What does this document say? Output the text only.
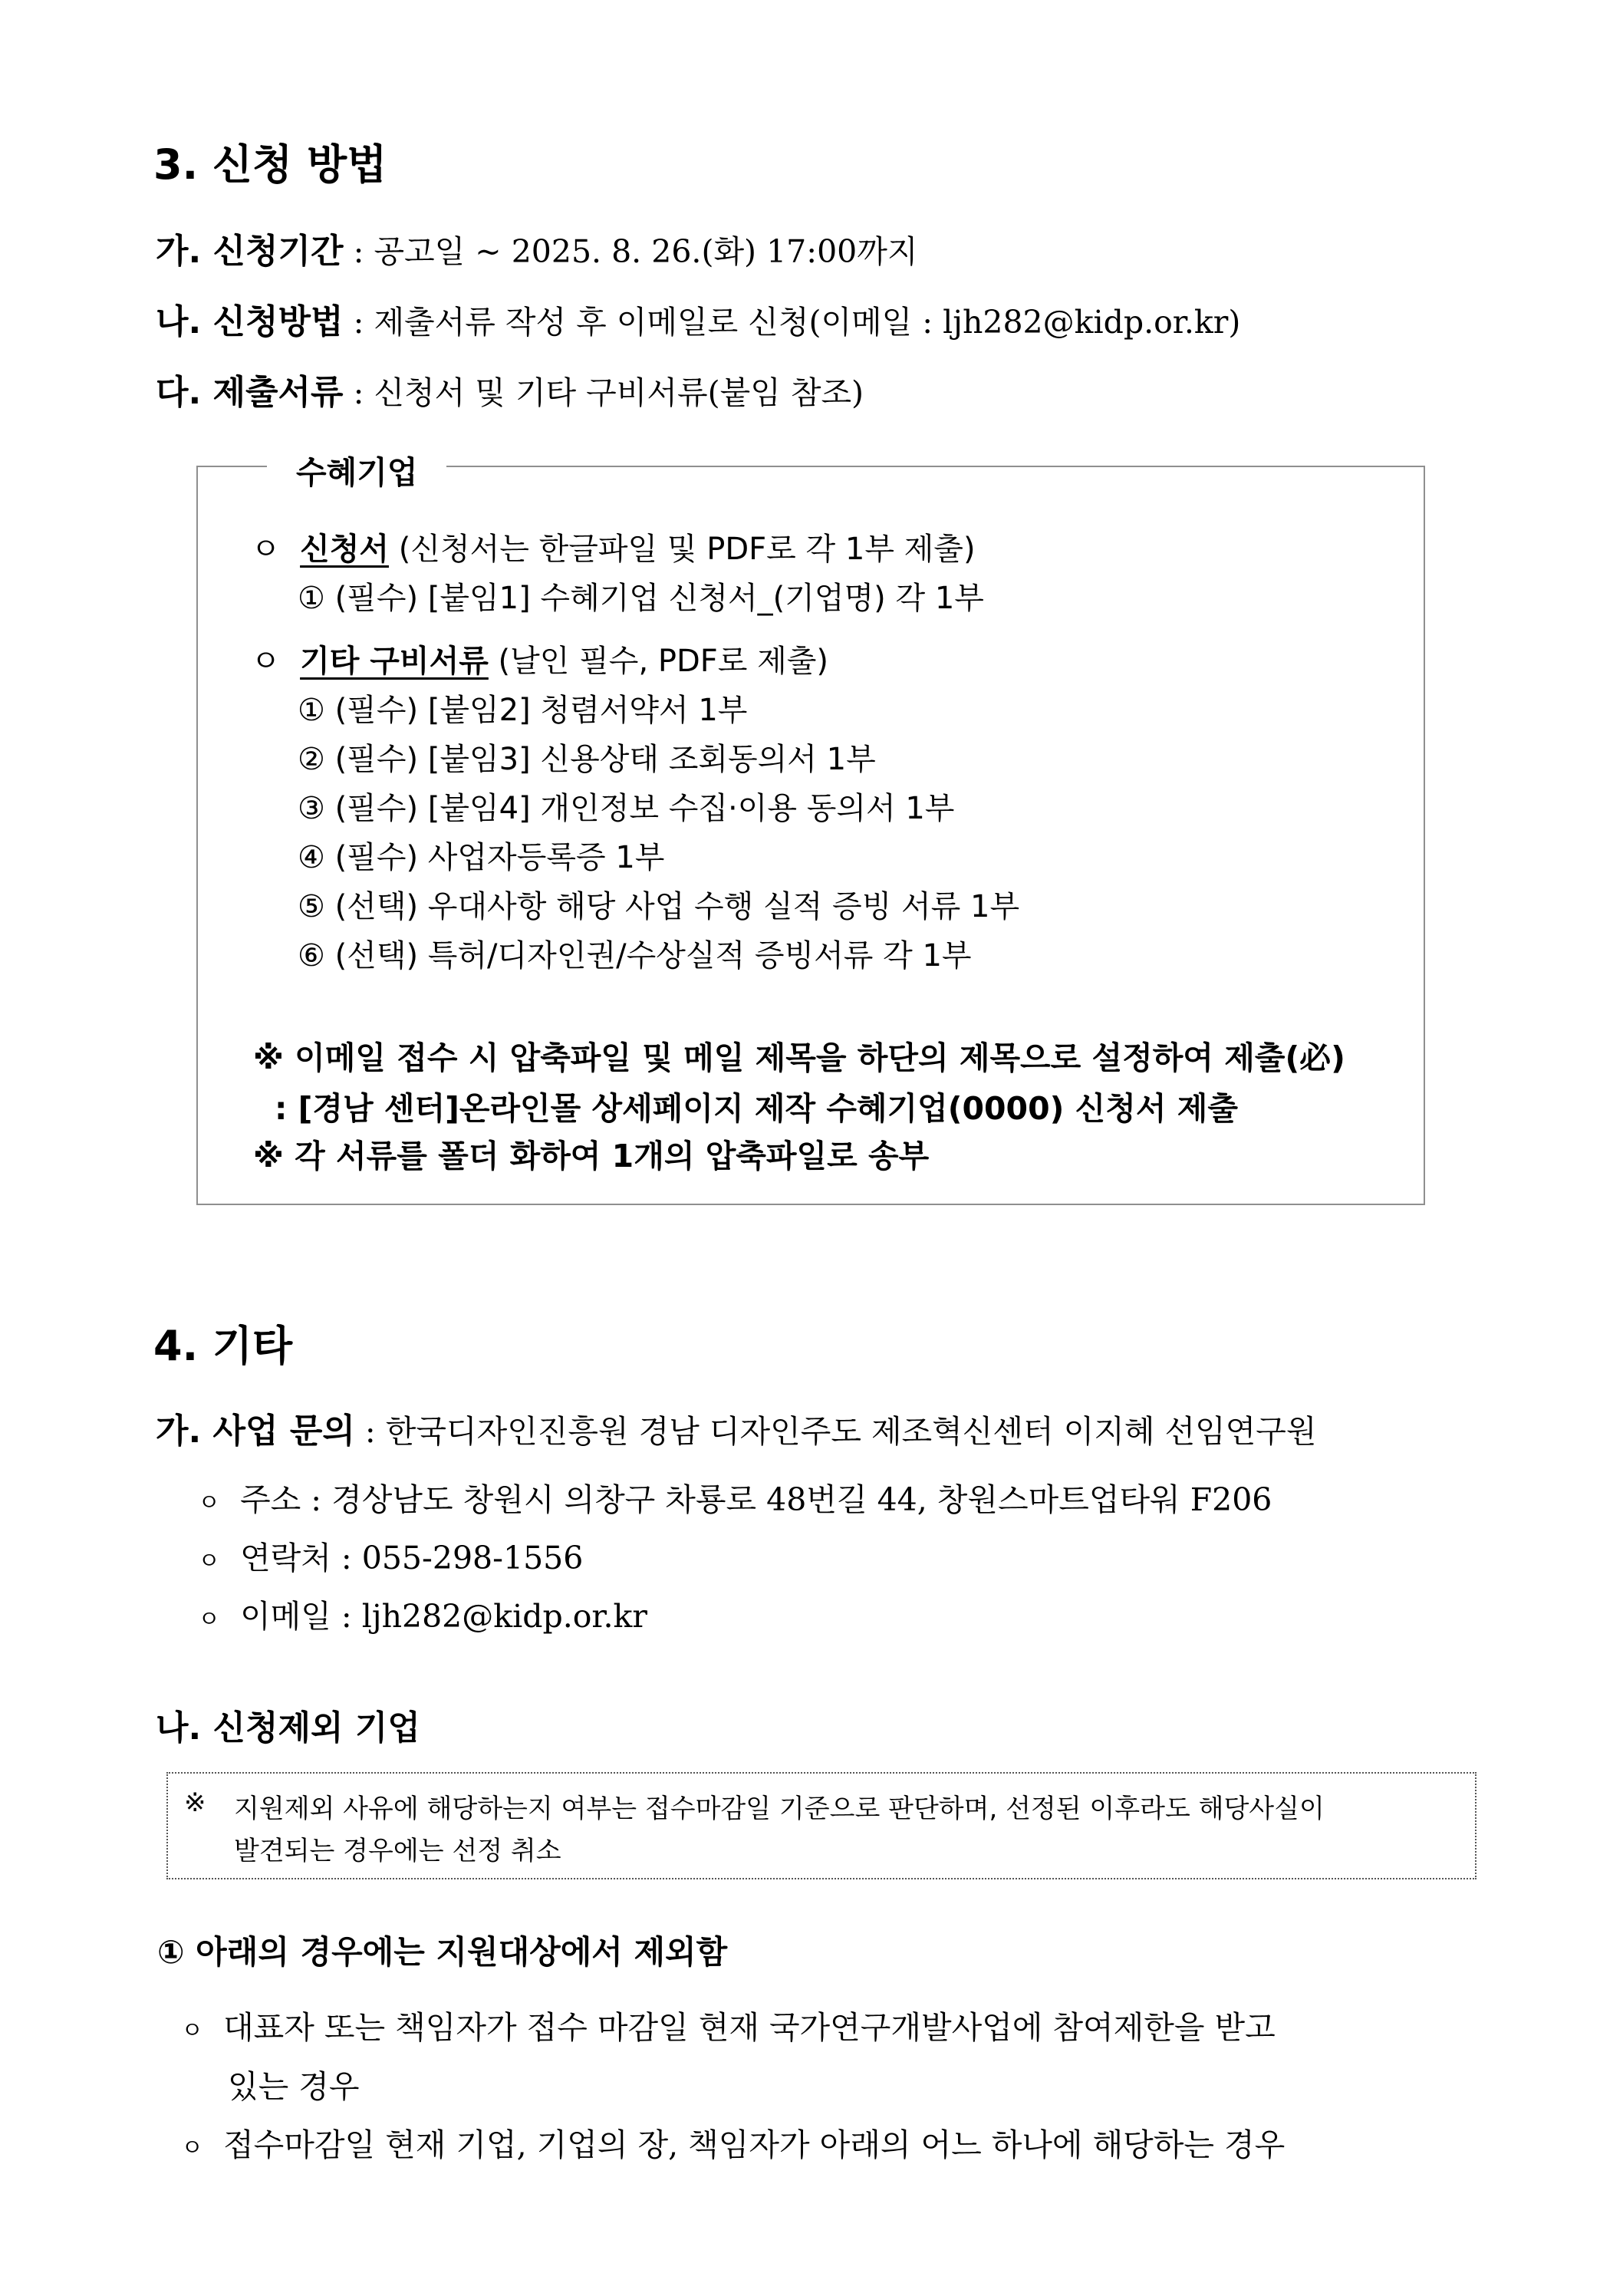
3. 신청 방법
가. 신청기간 : 공고일 ~ 2025. 8. 26.(화) 17:00까지
나. 신청방법 : 제출서류 작성 후 이메일로 신청(이메일 : ljh282@kidp.or.kr)
다. 제출서류 : 신청서 및 기타 구비서류(붙임 참조)
수혜기업
ㅇ 신청서 (신청서는 한글파일 및 PDF로 각 1부 제출)
① (필수) [붙임1] 수혜기업 신청서_(기업명) 각 1부
ㅇ 기타 구비서류 (날인 필수, PDF로 제출)
① (필수) [붙임2] 청렴서약서 1부
② (필수) [붙임3] 신용상태 조회동의서 1부
③ (필수) [붙임4] 개인정보 수집·이용 동의서 1부
④ (필수) 사업자등록증 1부
⑤ (선택) 우대사항 해당 사업 수행 실적 증빙 서류 1부
⑥ (선택) 특허/디자인권/수상실적 증빙서류 각 1부
※ 이메일 접수 시 압축파일 및 메일 제목을 하단의 제목으로 설정하여 제출(必)
: [경남 센터]온라인몰 상세페이지 제작 수혜기업(0000) 신청서 제출
※ 각 서류를 폴더 화하여 1개의 압축파일로 송부
4. 기타
가. 사업 문의 : 한국디자인진흥원 경남 디자인주도 제조혁신센터 이지혜 선임연구원
ㅇ 주소 : 경상남도 창원시 의창구 차룡로 48번길 44, 창원스마트업타워 F206
ㅇ 연락처 : 055-298-1556
ㅇ 이메일 : ljh282@kidp.or.kr
나. 신청제외 기업
※ 지원제외 사유에 해당하는지 여부는 접수마감일 기준으로 판단하며, 선정된 이후라도 해당사실이
발견되는 경우에는 선정 취소
① 아래의 경우에는 지원대상에서 제외함
ㅇ 대표자 또는 책임자가 접수 마감일 현재 국가연구개발사업에 참여제한을 받고
있는 경우
ㅇ 접수마감일 현재 기업, 기업의 장, 책임자가 아래의 어느 하나에 해당하는 경우
